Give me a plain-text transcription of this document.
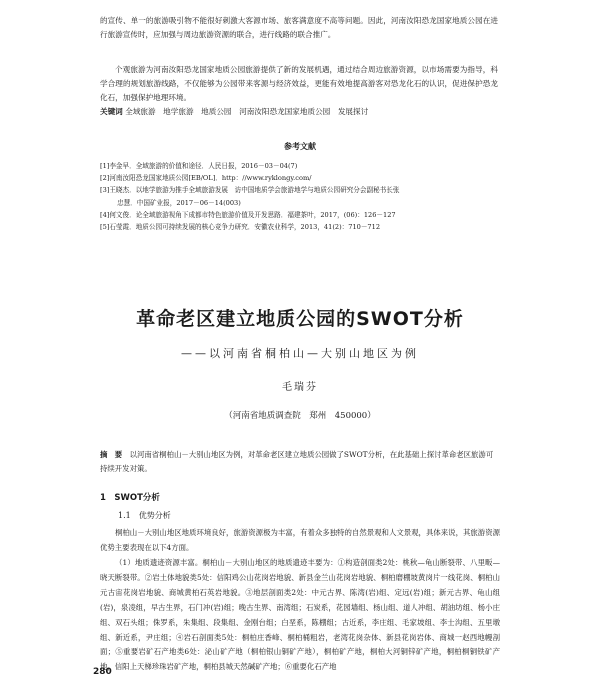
的宣传、单一的旅游吸引物不能很好刺激大客源市场、旅客满意度不高等问题。因此，河南汝阳恐龙国家地质公园在进行旅游宣传时，应加强与周边旅游资源的联合，进行线路的联合推广。

个观旅游为河南汝阳恐龙国家地质公园旅游提供了新的发展机遇，通过结合周边旅游资源，以市场需要为指导，科学合理的规划旅游线路，不仅能够为公园带来客源与经济效益，更能有效地提高游客对恐龙化石的认识，促进保护恐龙化石，加强保护地理环境。

关键词 全域旅游　地学旅游　地质公园　河南汝阳恐龙国家地质公园　发展探讨
参考文献
[1]李金早．全域旅游的价值和途径．人民日报，2016－03－04(7)
[2]河南汝阳恐龙国家地质公园[EB/OL]．http：//www.ryklongy.com/
[3]王晓杰．以地学旅游为推手全域旅游发展　访中国地质学会旅游地学与地质公园研究分会副秘书长张
忠慧．中国矿业报，2017－06－14(003)
[4]何文俊．论全域旅游视角下成都市特色旅游价值及开发思路．福建茶叶，2017，(06)：126－127
[5]石莹霞．地质公园可持续发展的核心竞争力研究．安徽农业科学，2013，41(2)：710－712
革命老区建立地质公园的SWOT分析
——以河南省桐柏山—大别山地区为例
毛瑞芬
（河南省地质调查院　郑州　450000）

摘　要　 以河南省桐柏山－大别山地区为例，对革命老区建立地质公园做了SWOT分析，在此基础上探讨革命老区旅游可持续开发对策。

1　SWOT分析
1.1　优势分析

桐柏山－大别山地区地质环境良好，旅游资源极为丰富，有着众多独特的自然景观和人文景观，具体来说，其旅游资源优势主要表现在以下4方面。

（1）地质遗迹资源丰富。桐柏山－大别山地区的地质遗迹丰要为：①构造剖面类2处：桃秋—龟山断裂带、八里畈—晓天断裂带。②岩土体地貌类5处：信阳鸡公山花岗岩地貌、新县金兰山花岗岩地貌、桐柏磨棚坡黄岗片一线花岗、桐柏山元古宙花岗岩地貌、商城黄柏石英岩地貌。③地层剖面类2处：中元古界、陈湾(岩)组、定远(岩)组；新元古界、龟山组(岩)，泉凌组，早古生界，石门冲(岩)组；晚古生界、南湾组；石炭系，花园墙组、杨山组、道人冲组、胡油坊组、杨小庄组、双石头组；侏罗系，朱集组、段集组、金刚台组；白垩系，陈棚组；古近系，李庄组、毛家坡组、李士沟组、五里墩组、新近系，尹庄组；④岩石剖面类5处：桐柏庄香峰、桐柏桶粗岩，老湾花岗杂体、新县花岗岩体、商城一赵西地幔剖面；⑤重要岩矿石产地类6处：泌山矿产地（桐柏银山铜矿产地），桐柏矿产地，桐柏大河铜锌矿产地，桐柏桐铜铁矿产地，信阳上天梯珍珠岩矿产地，桐柏县城天然碱矿产地；⑥重要化石产地

280
